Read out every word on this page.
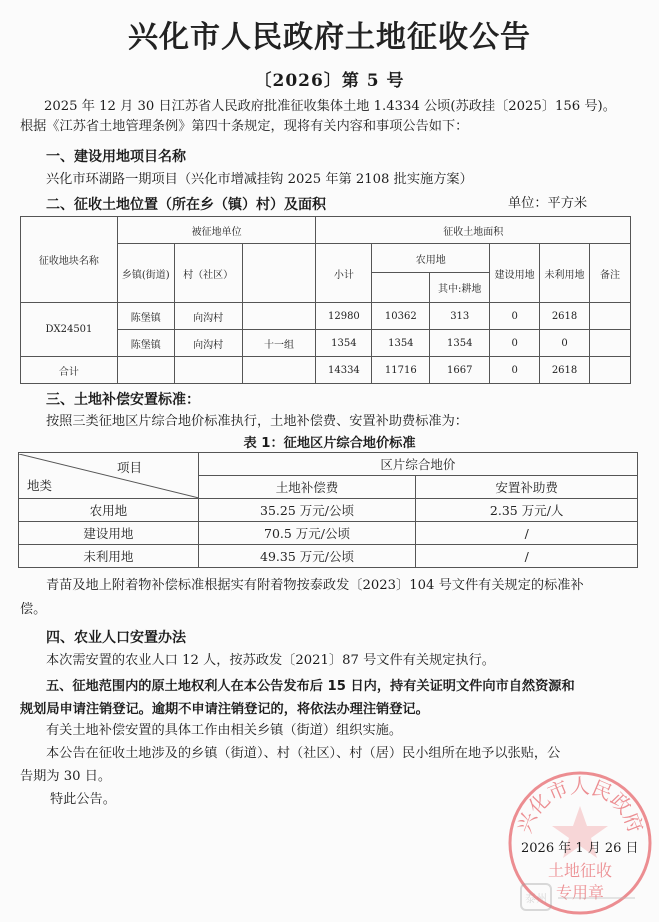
兴化市人民政府土地征收公告
〔2026〕第 5 号
2025 年 12 月 30 日江苏省人民政府批准征收集体土地 1.4334 公顷(苏政挂〔2025〕156 号)。
根据《江苏省土地管理条例》第四十条规定，现将有关内容和事项公告如下：
一、建设用地项目名称
兴化市环湖路一期项目（兴化市增减挂钩 2025 年第 2108 批实施方案）
二、征收土地位置（所在乡（镇）村）及面积	单位：平方米
征收地块名称	被征地单位			征收土地面积					
	乡镇(街道)	村（社区）		小计	农用地		建设用地	未利用地	备注
						其中:耕地			
DX24501	陈堡镇	向沟村		12980	10362	313	0	2618	
	陈堡镇	向沟村	十一组	1354	1354	1354	0	0	
合计				14334	11716	1667	0	2618	
三、土地补偿安置标准：
按照三类征地区片综合地价标准执行，土地补偿费、安置补助费标准为：
表 1：征地区片综合地价标准
项目
地类	区片综合地价	
	土地补偿费	安置补助费
农用地	35.25 万元/公顷	2.35 万元/人
建设用地	70.5 万元/公顷	/
未利用地	49.35 万元/公顷	/
青苗及地上附着物补偿标准根据实有附着物按泰政发〔2023〕104 号文件有关规定的标准补
偿。
四、农业人口安置办法
本次需安置的农业人口 12 人，按苏政发〔2021〕87 号文件有关规定执行。
五、征地范围内的原土地权利人在本公告发布后 15 日内，持有关证明文件向市自然资源和
规划局申请注销登记。逾期不申请注销登记的，将依法办理注销登记。
有关土地补偿安置的具体工作由相关乡镇（街道）组织实施。
本公告在征收土地涉及的乡镇（街道）、村（社区）、村（居）民小组所在地予以张贴，公
告期为 30 日。
特此公告。
兴化市人民政府
土地征收
专用章
2026 年 1 月 26 日
泰州
